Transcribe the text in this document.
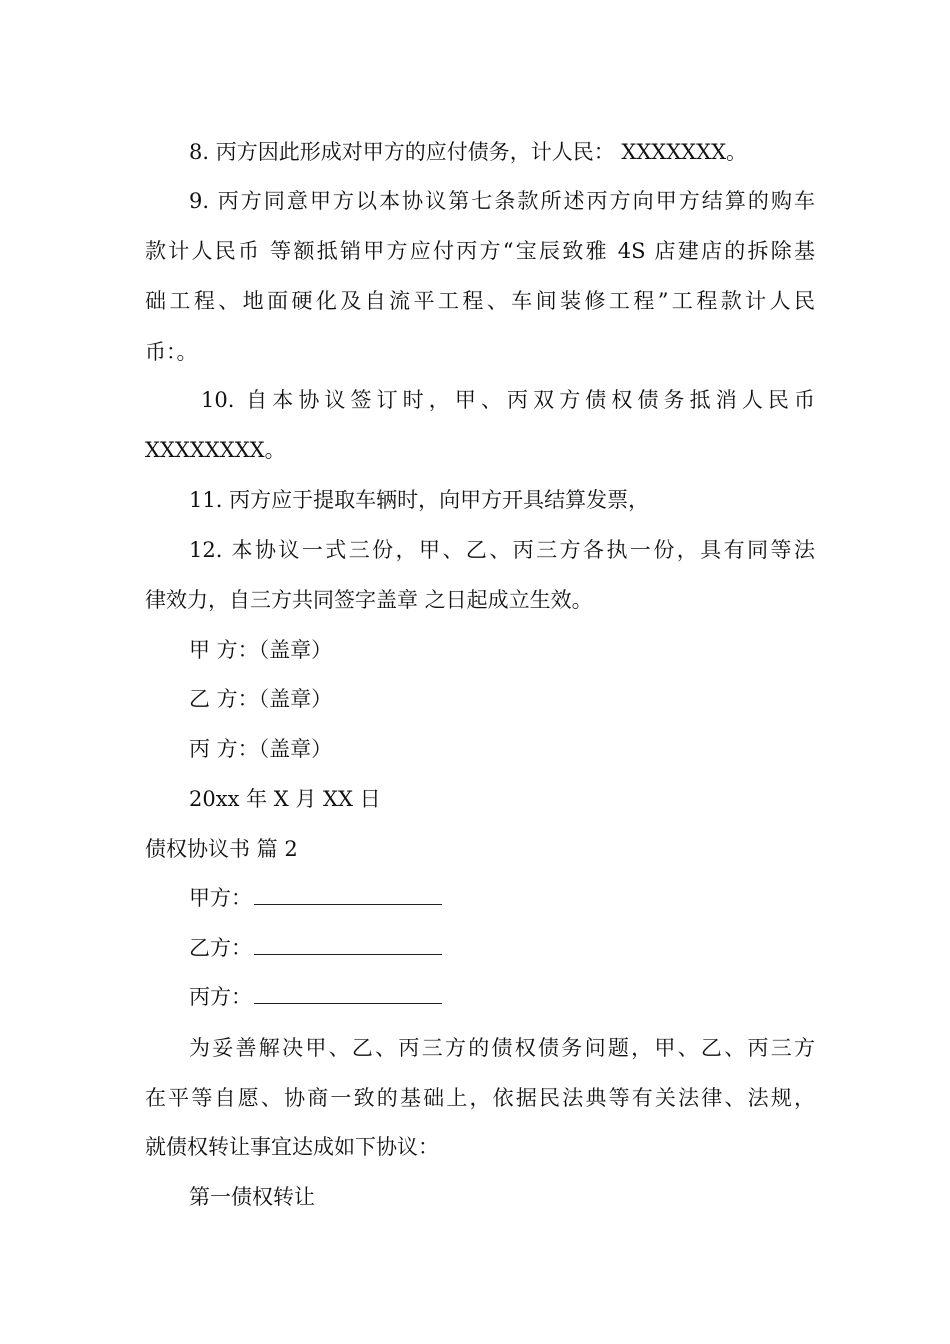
8. 丙方因此形成对甲方的应付债务，计人民： XXXXXXX。
9. 丙方同意甲方以本协议第七条款所述丙方向甲方结算的购车
款计人民币 等额抵销甲方应付丙方“宝辰致雅 4S 店建店的拆除基
础工程、地面硬化及自流平工程、车间装修工程”工程款计人民
币：。
10. 自本协议签订时，甲、丙双方债权债务抵消人民币
XXXXXXXX。
11. 丙方应于提取车辆时，向甲方开具结算发票，
12. 本协议一式三份，甲、乙、丙三方各执一份，具有同等法
律效力，自三方共同签字盖章 之日起成立生效。
甲 方：（盖章）
乙 方：（盖章）
丙 方：（盖章）
20xx 年 X 月 XX 日
债权协议书 篇 2
甲方：
乙方：
丙方：
为妥善解决甲、乙、丙三方的债权债务问题，甲、乙、丙三方
在平等自愿、协商一致的基础上，依据民法典等有关法律、法规，
就债权转让事宜达成如下协议：
第一债权转让
